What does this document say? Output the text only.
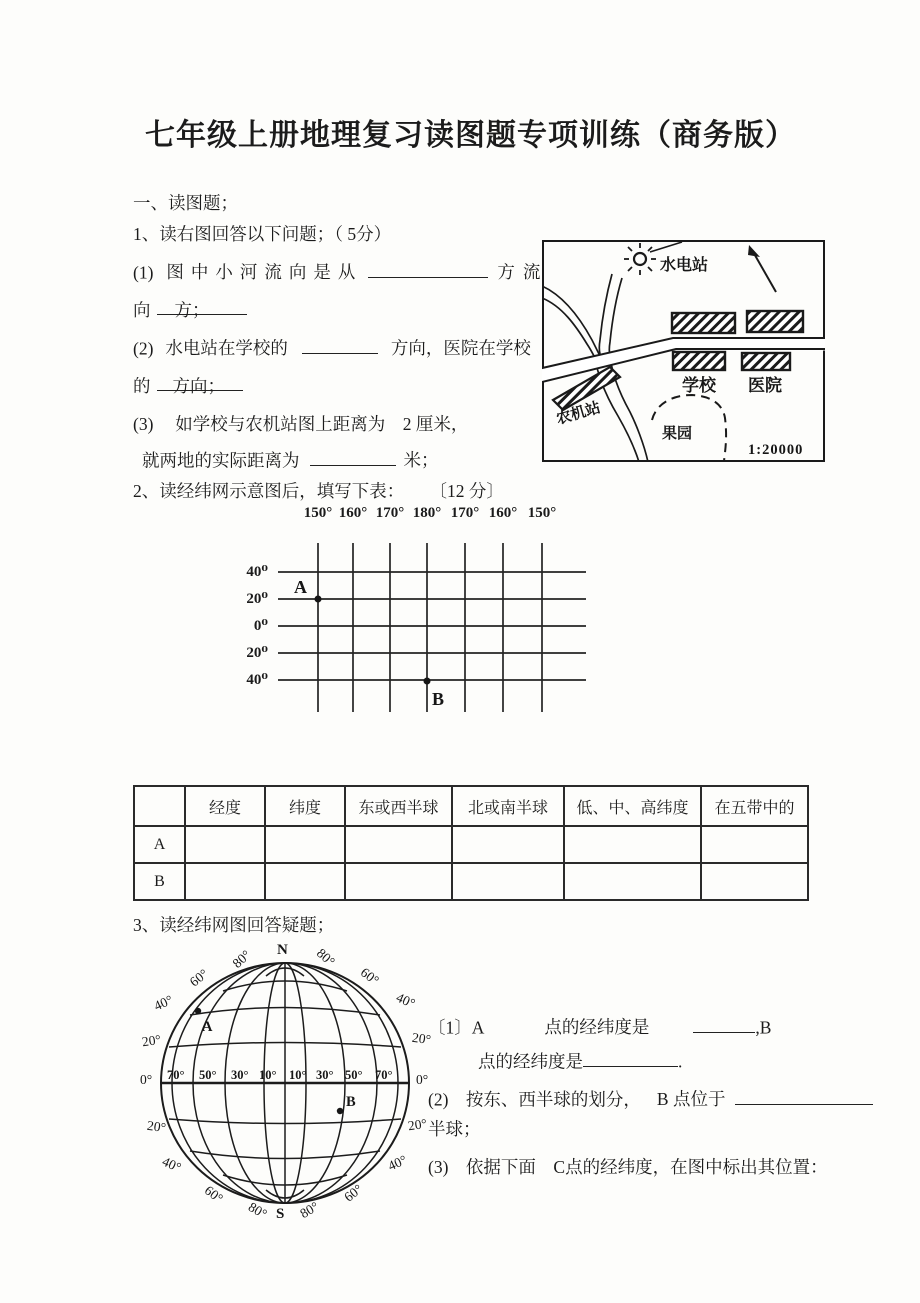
七年级上册地理复习读图题专项训练（商务版）
一、读图题；
1、读右图回答以下问题；（ 5分）
(1) 图中小河流向是从	方流
向 方；
(2) 水电站在学校的	方向，医院在学校
的 方向；
(3)　 如学校与农机站图上距离为　2 厘米，
就两地的实际距离为	米；
水电站
学校 医院
农机站
果园
1:20000
2、读经纬网示意图后，填写下表： 〔12 分〕
150° 160° 170° 180° 170° 160° 150°
40⁰
20⁰
0⁰
20⁰
40⁰
A
B
	经度	纬度	东或西半球	北或南半球	低、中、高纬度	在五带中的
A						
B						
3、读经纬网图回答疑题；
N
S
80°
60°
40°
20°
0°
20°
40°
60°
80°
80°
60°
40°
20°
0°
20°
40°
60°
80°
70° 50° 30° 10° 10° 30° 50° 70°
A
B
〔1〕A	点的经纬度是	,B
点的经纬度是	.
(2)　按东、西半球的划分， B 点位于
半球；
(3)　依据下面　C点的经纬度，在图中标出其位置：
